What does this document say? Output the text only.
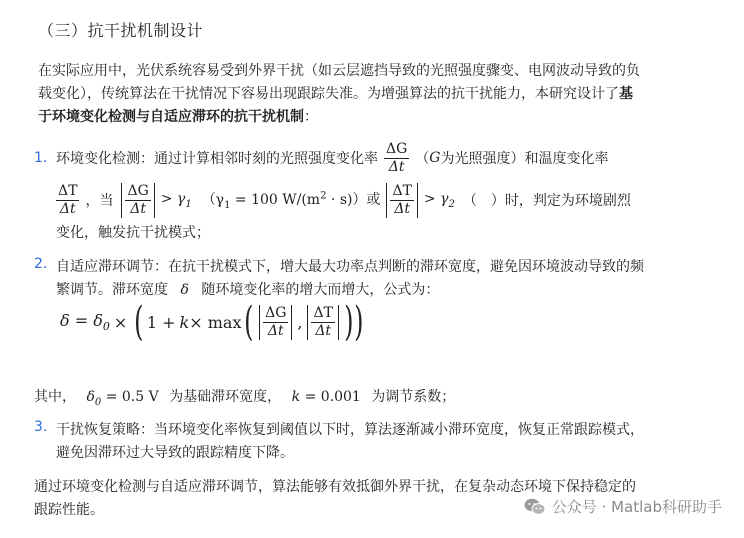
（三）抗干扰机制设计
在实际应用中，光伏系统容易受到外界干扰（如云层遮挡导致的光照强度骤变、电网波动导致的负
载变化），传统算法在干扰情况下容易出现跟踪失准。为增强算法的抗干扰能力，本研究设计了基
于环境变化检测与自适应滞环的抗干扰机制：
1. 环境变化检测：通过计算相邻时刻的光照强度变化率 $\frac{\Delta G}{\Delta t}$ （ G 为光照强度）和温度变化率
$\frac{\Delta T}{\Delta t}$ ，当 $\frac{\Delta G}{\Delta t} > \gamma_1$ （$\gamma_1 = 100$ $W/(m^2 \cdot s)$）或 $\frac{\Delta T}{\Delta t} > \gamma_2$ （　）时，判定为环境剧烈
变化，触发抗干扰模式；
2. 自适应滞环调节：在抗干扰模式下，增大最大功率点判断的滞环宽度，避免因环境波动导致的频
繁调节。滞环宽度 δ 随环境变化率的增大而增大，公式为：
$\delta = \delta_0$ × ( 1 + k × max ( $\frac{\Delta G}{\Delta t}$ , $\frac{\Delta T}{\Delta t}$ ) )
其中， $\delta_0 = 0.5$ V 为基础滞环宽度， k = 0.001 为调节系数；
3. 干扰恢复策略：当环境变化率恢复到阈值以下时，算法逐渐减小滞环宽度，恢复正常跟踪模式，
避免因滞环过大导致的跟踪精度下降。
通过环境变化检测与自适应滞环调节，算法能够有效抵御外界干扰，在复杂动态环境下保持稳定的
跟踪性能。	公众号 · Matlab科研助手
